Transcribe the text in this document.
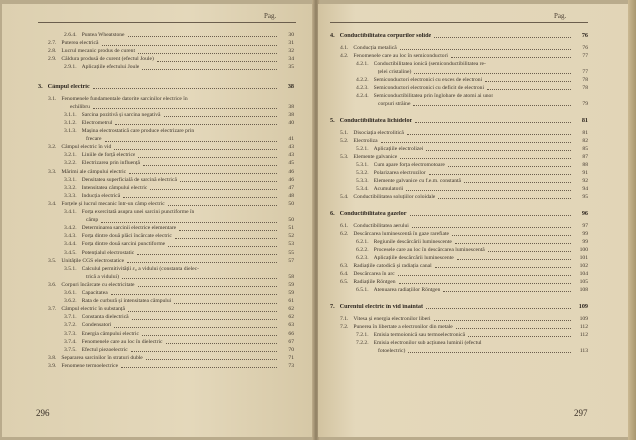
Pag.
2.6.4. Puntea Wheatstone	30
2.7. Puterea electrică	31
2.8. Lucrul mecanic produs de curent	32
2.9. Căldura produsă de curent (efectul Joule)	34
2.9.1. Aplicațiile efectului Joule	35
3. Câmpul electric	38
3.1. Fenomenele fundamentale datorite sarcinilor electrice în
echilibru	38
3.1.1. Sarcina pozitivă și sarcina negativă	38
3.1.2. Electrometrul	40
3.1.3. Mașina electrostatică care produce electrizare prin
frecare	41
3.2. Câmpul electric în vid	43
3.2.1. Liniile de forță electrice	43
3.2.2. Electrizarea prin influență	45
3.3. Mărimi ale câmpului electric	46
3.3.1. Densitatea superficială de sarcină electrică	46
3.3.2. Intensitatea câmpului electric	47
3.3.3. Inducția electrică	48
3.4. Forțele și lucrul mecanic într-un câmp electric	50
3.4.1. Forța exercitată asupra unei sarcini punctiforme în
câmp	50
3.4.2. Determinarea sarcinii electrice elementare	51
3.4.3. Forța dintre două plăci încărcate electric	52
3.4.4. Forța dintre două sarcini punctiforme	53
3.4.5. Potențialul electrostatic	55
3.5. Unitățile CGS electrostatice	57
3.5.1. Calculul permitivității ε₀ a vidului (constanta dielec-
trică a vidului)	58
3.6. Corpuri încărcate cu electricitate	59
3.6.1. Capacitatea	59
3.6.2. Rata de curbură și intensitatea câmpului	61
3.7. Câmpul electric în substanță	62
3.7.1. Constanta dielectrică	62
3.7.2. Condensatori	63
3.7.3. Energia câmpului electric	66
3.7.4. Fenomenele care au loc în dielectric	67
3.7.5. Efectul piezoelectric	70
3.8. Separarea sarcinilor în straturi duble	71
3.9. Fenomene termoelectrice	73
296
Pag.
4. Conductibilitatea corpurilor solide	76
4.1. Conducția metalică	76
4.2. Fenomenele care au loc în semiconductori	77
4.2.1. Conductibilitatea ionică (semiconductibilitatea re-
țelei cristaline)	77
4.2.2. Semiconductori electronici cu exces de electroni	78
4.2.3. Semiconductori electronici cu deficit de electroni	78
4.2.4. Semiconductibilitatea prin înglobare de atomi ai unor
corpuri străine	79
5. Conductibilitatea lichidelor	81
5.1. Disociația electrolitică	81
5.2. Electroliza	82
5.2.1. Aplicațiile electrolizei	85
5.3. Elemente galvanice	87
5.3.1. Cum apare forța electromotoare	88
5.3.2. Polarizarea electrozilor	91
5.3.3. Elemente galvanice cu f.e.m. constantă	92
5.3.4. Acumulatorii	94
5.4. Conductibilitatea soluțiilor coloidale	95
6. Conductibilitatea gazelor	96
6.1. Conductibilitatea aerului	97
6.2. Descărcarea luminescentă în gaze rarefiate	99
6.2.1. Regiunile descărcării luminescente	99
6.2.2. Procesele care au loc în descărcarea luminescentă	100
6.2.3. Aplicațiile descărcării luminescente	101
6.3. Radiațiile catodică și radiația canal	102
6.4. Descărcarea în arc	104
6.5. Radiațiile Röntgen	105
6.5.1. Atenuarea radiațiilor Röntgen	108
7. Curentul electric în vid înaintat	109
7.1. Vitesa și energia electronilor liberi	109
7.2. Punerea în libertate a electronilor din metale	112
7.2.1. Emisia termoionică sau termoelectronică	112
7.2.2. Emisia electronilor sub acțiunea luminii (efectul
fotoelectric)	113
297
